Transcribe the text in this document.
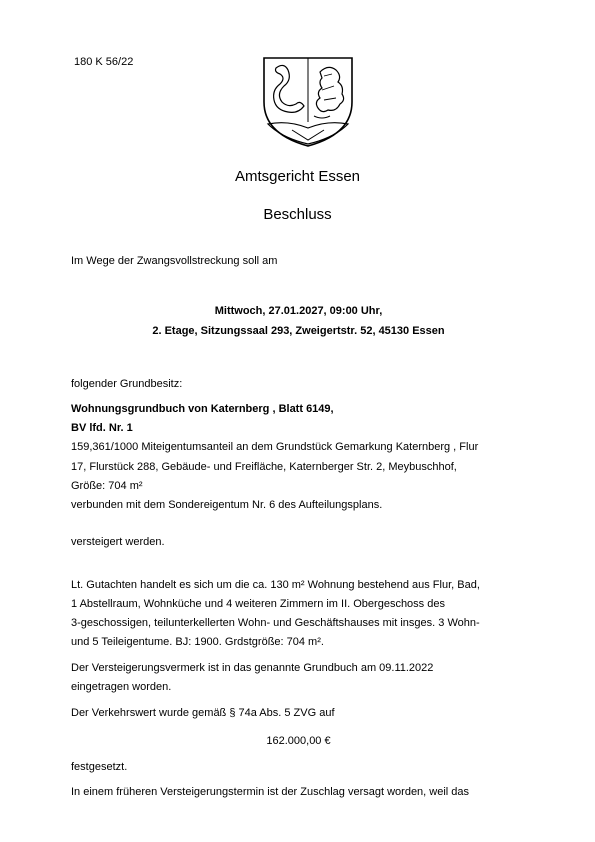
180 K 56/22
Amtsgericht Essen
Beschluss
Im Wege der Zwangsvollstreckung soll am
Mittwoch, 27.01.2027, 09:00 Uhr,
2. Etage, Sitzungssaal 293, Zweigertstr. 52, 45130 Essen
folgender Grundbesitz:
Wohnungsgrundbuch von Katernberg , Blatt 6149,
BV lfd. Nr. 1
159,361/1000 Miteigentumsanteil an dem Grundstück Gemarkung Katernberg , Flur
17, Flurstück 288, Gebäude- und Freifläche, Katernberger Str. 2, Meybuschhof,
Größe: 704 m²
verbunden mit dem Sondereigentum Nr. 6 des Aufteilungsplans.
versteigert werden.
Lt. Gutachten handelt es sich um die ca. 130 m² Wohnung bestehend aus Flur, Bad,
1 Abstellraum, Wohnküche und 4 weiteren Zimmern im II. Obergeschoss des
3-geschossigen, teilunterkellerten Wohn- und Geschäftshauses mit insges. 3 Wohn-
und 5 Teileigentume. BJ: 1900. Grdstgröße: 704 m².
Der Versteigerungsvermerk ist in das genannte Grundbuch am 09.11.2022
eingetragen worden.
Der Verkehrswert wurde gemäß § 74a Abs. 5 ZVG auf
162.000,00 €
festgesetzt.
In einem früheren Versteigerungstermin ist der Zuschlag versagt worden, weil das
